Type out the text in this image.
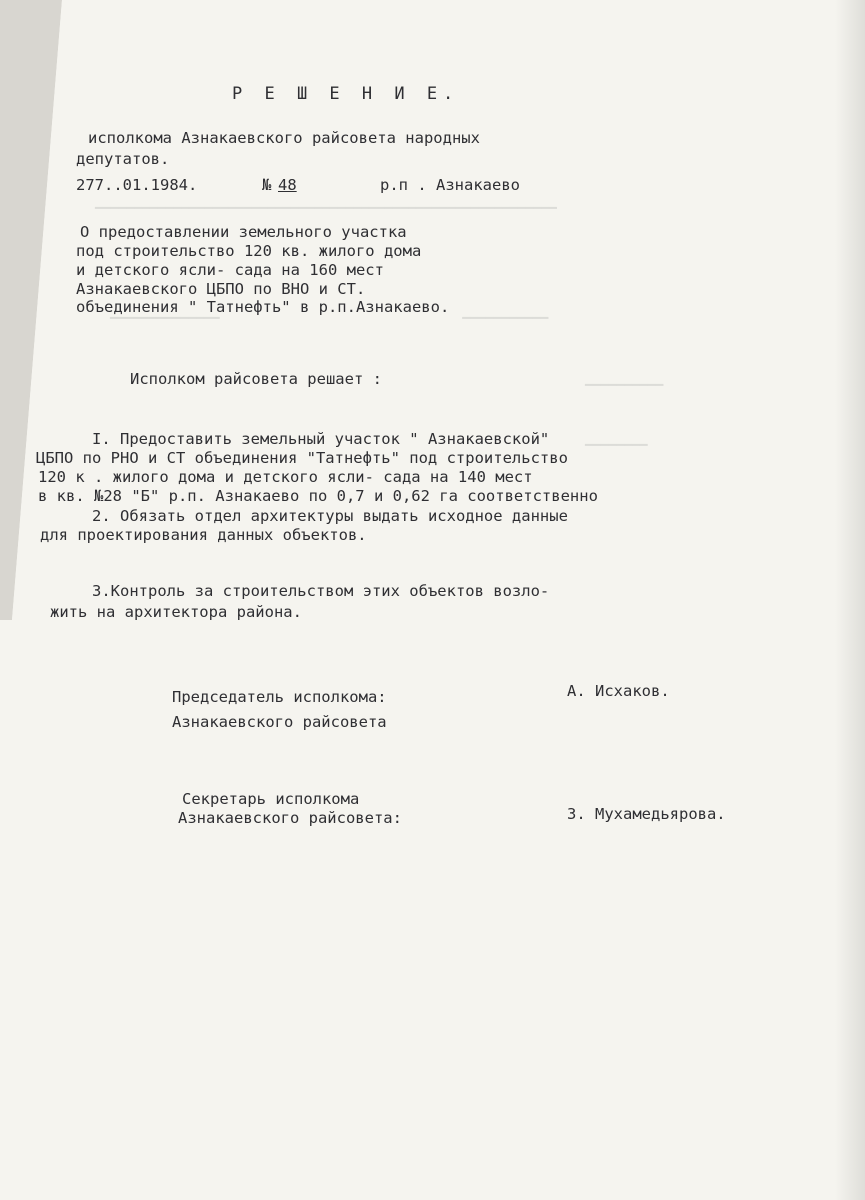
▔▔▔▔▔▔▔▔▔▔▔▔▔▔▔▔▔▔▔▔▔▔▔▔▔▔▔▔▔▔▔▔▔▔▔▔▔▔▔▔▔▔▔▔▔▔▔▔▔▔▔▔▔▔▔▔▔▔▔
▔▔▔▔▔▔▔▔▔▔▔▔▔▔                               ▔▔▔▔▔▔▔▔▔▔▔
▔▔▔▔▔▔▔▔▔▔
▔▔▔▔▔▔▔▔
Р Е Ш Е Н И Е.
исполкома Азнакаевского райсовета народных
депутатов.
277..01.1984.	№ 48	р.п . Азнакаево
О предоставлении земельного участка
под строительство 120 кв. жилого дома
и детского ясли- сада на 160 мест
Азнакаевского ЦБПО по ВНО и СТ.
объединения " Татнефть" в р.п.Азнакаево.
Исполком райсовета решает :
I. Предоставить земельный участок " Азнакаевской"
ЦБПО по РНО и СТ объединения "Татнефть" под строительство
120 к . жилого дома и детского ясли- сада на 140 мест
в кв. №28 "Б" р.п. Азнакаево по 0,7 и 0,62 га соответственно
2. Обязать отдел архитектуры выдать исходное данные
для проектирования данных объектов.
3.Контроль за строительством этих объектов возло-
жить на архитектора района.
Председатель исполкома:
Азнакаевского райсовета
А. Исхаков.
Секретарь исполкома
Азнакаевского райсовета:	З. Мухамедьярова.
